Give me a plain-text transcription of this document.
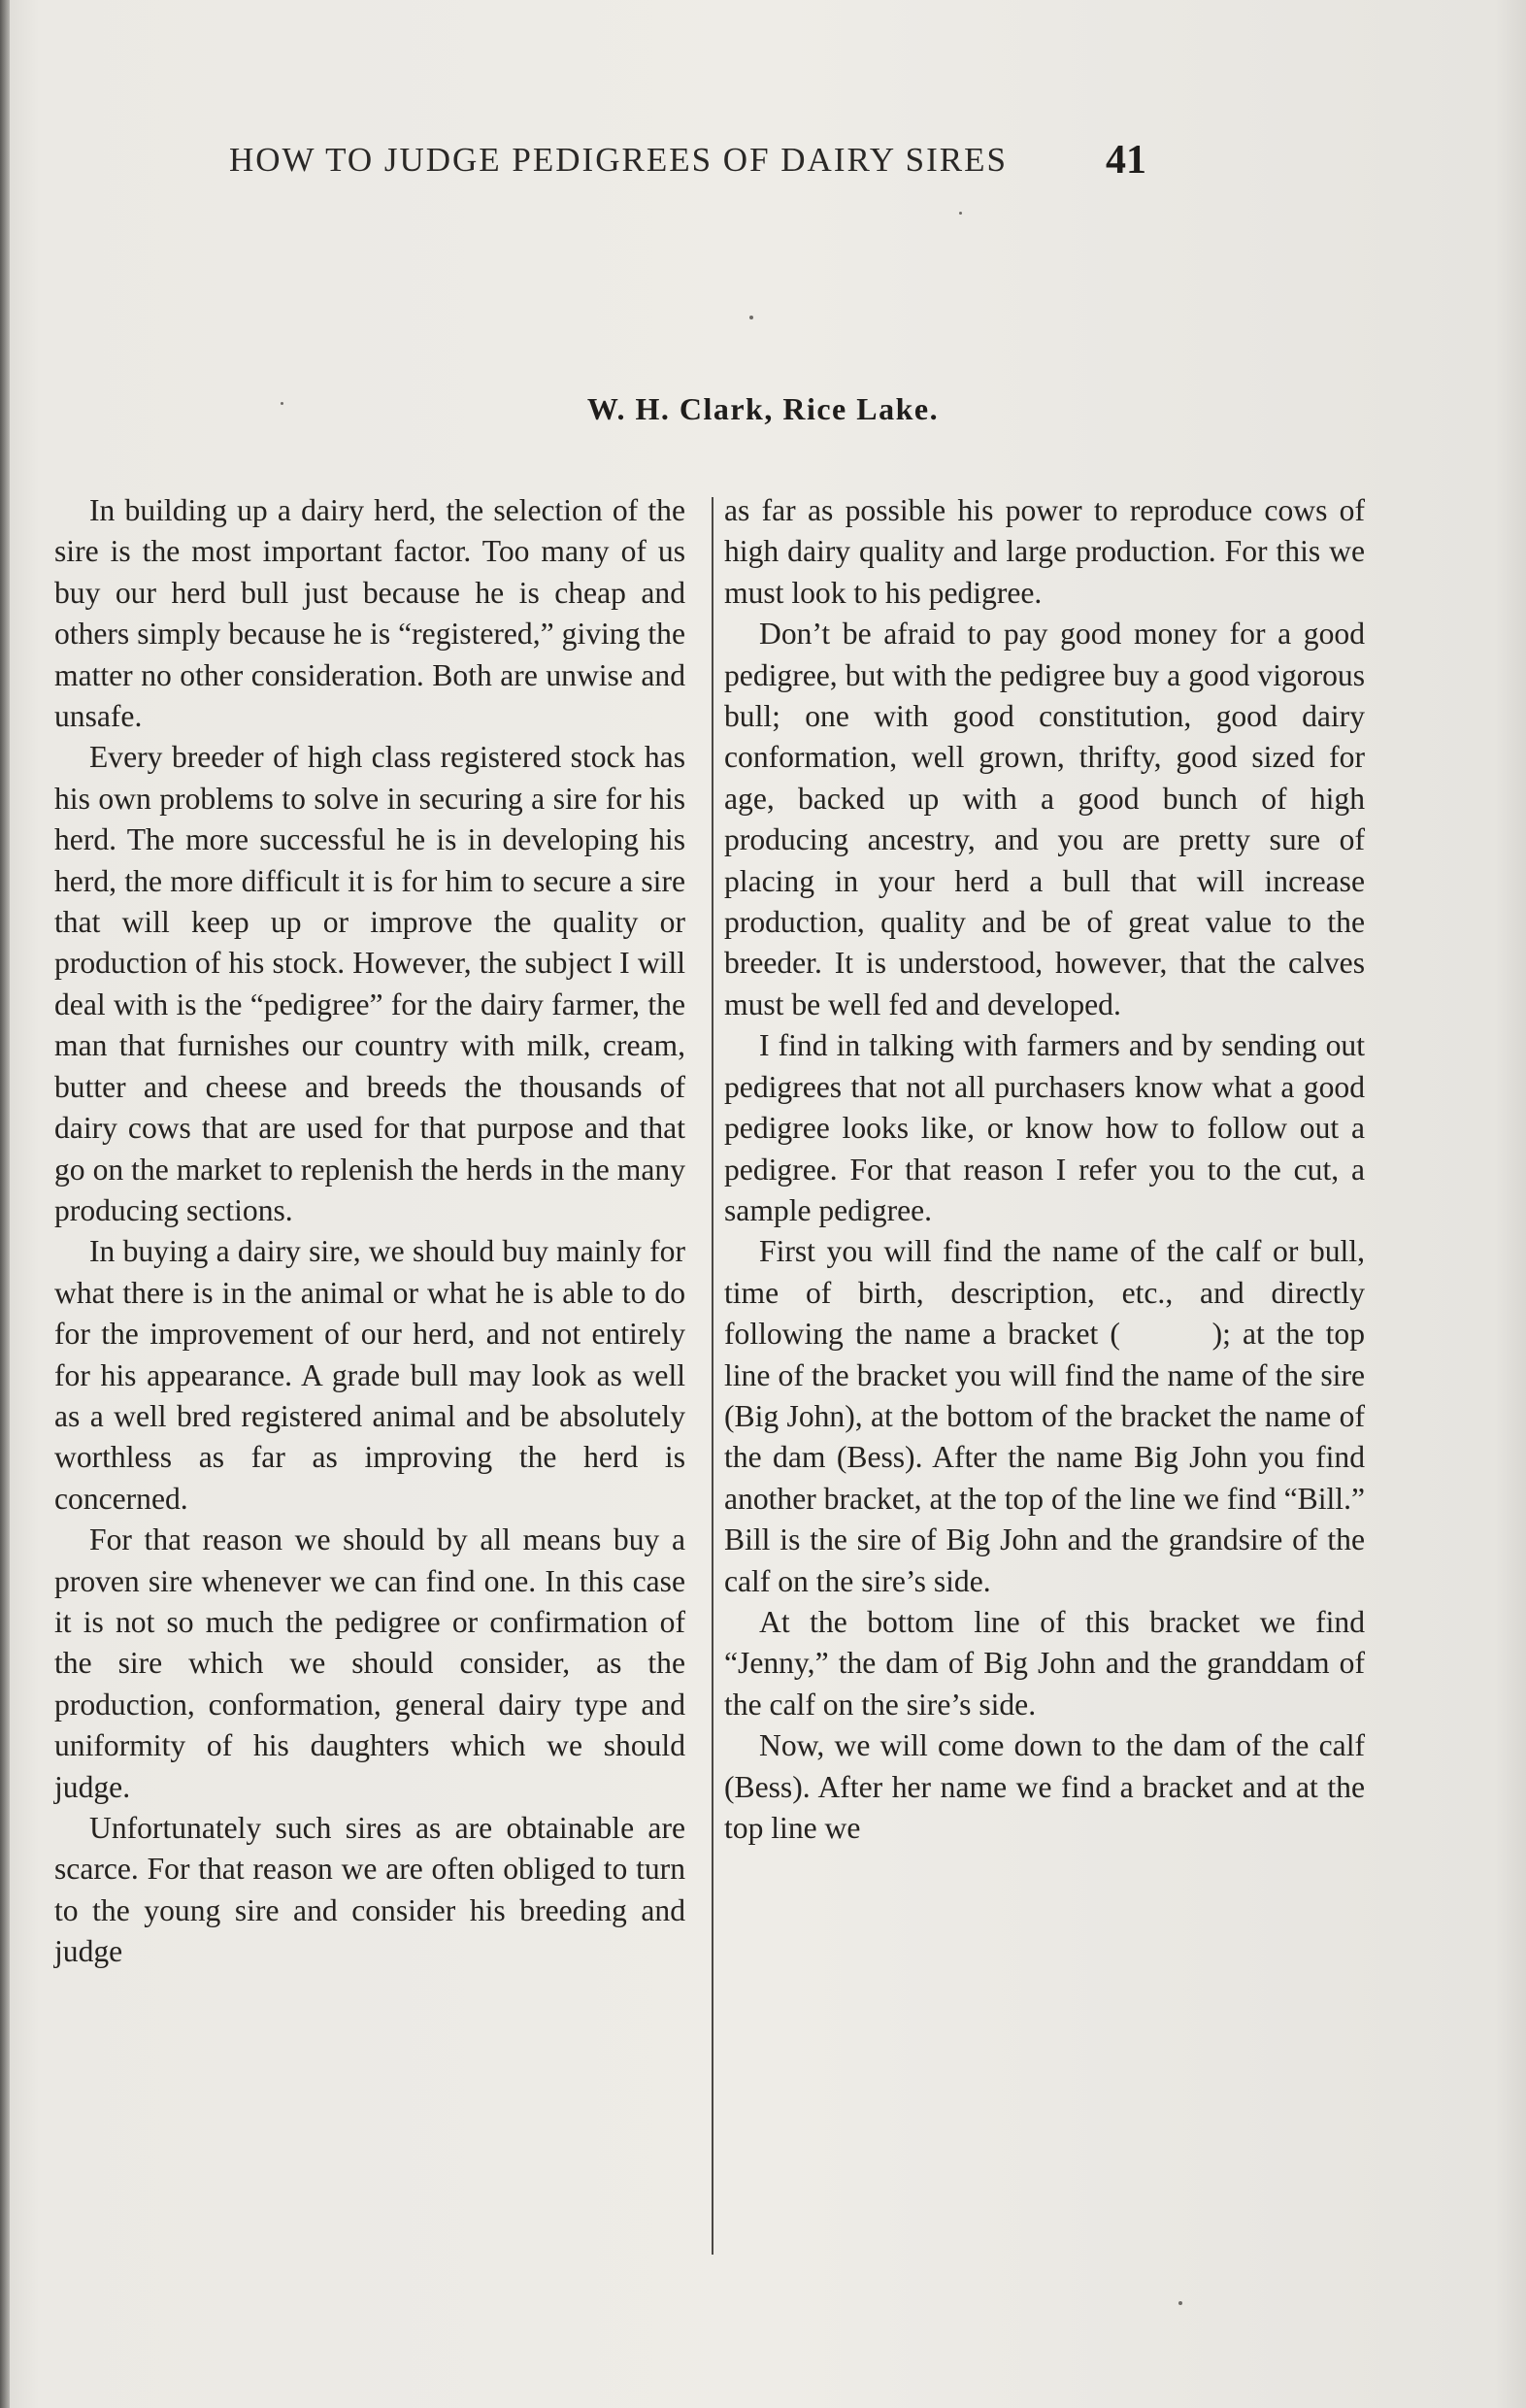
HOW TO JUDGE PEDIGREES OF DAIRY SIRES 41
W. H. Clark, Rice Lake.

In building up a dairy herd, the selection of the sire is the most important factor. Too many of us buy our herd bull just because he is cheap and others simply because he is “registered,” giving the matter no other consideration. Both are unwise and unsafe.

Every breeder of high class registered stock has his own problems to solve in securing a sire for his herd. The more successful he is in developing his herd, the more difficult it is for him to secure a sire that will keep up or improve the quality or production of his stock. However, the subject I will deal with is the “pedigree” for the dairy farmer, the man that furnishes our country with milk, cream, butter and cheese and breeds the thousands of dairy cows that are used for that purpose and that go on the market to replenish the herds in the many producing sections.

In buying a dairy sire, we should buy mainly for what there is in the animal or what he is able to do for the improvement of our herd, and not entirely for his appearance. A grade bull may look as well as a well bred registered animal and be absolutely worthless as far as improving the herd is concerned.

For that reason we should by all means buy a proven sire whenever we can find one. In this case it is not so much the pedigree or confirmation of the sire which we should consider, as the production, conformation, general dairy type and uniformity of his daughters which we should judge.

Unfortunately such sires as are obtainable are scarce. For that reason we are often obliged to turn to the young sire and consider his breeding and judge

as far as possible his power to reproduce cows of high dairy quality and large production. For this we must look to his pedigree.

Don’t be afraid to pay good money for a good pedigree, but with the pedigree buy a good vigorous bull; one with good constitution, good dairy conformation, well grown, thrifty, good sized for age, backed up with a good bunch of high producing ancestry, and you are pretty sure of placing in your herd a bull that will increase production, quality and be of great value to the breeder. It is understood, however, that the calves must be well fed and developed.

I find in talking with farmers and by sending out pedigrees that not all purchasers know what a good pedigree looks like, or know how to follow out a pedigree. For that reason I refer you to the cut, a sample pedigree.

First you will find the name of the calf or bull, time of birth, description, etc., and directly following the name a bracket (   ); at the top line of the bracket you will find the name of the sire (Big John), at the bottom of the bracket the name of the dam (Bess). After the name Big John you find another bracket, at the top of the line we find “Bill.” Bill is the sire of Big John and the grandsire of the calf on the sire’s side.

At the bottom line of this bracket we find “Jenny,” the dam of Big John and the granddam of the calf on the sire’s side.

Now, we will come down to the dam of the calf (Bess). After her name we find a bracket and at the top line we
